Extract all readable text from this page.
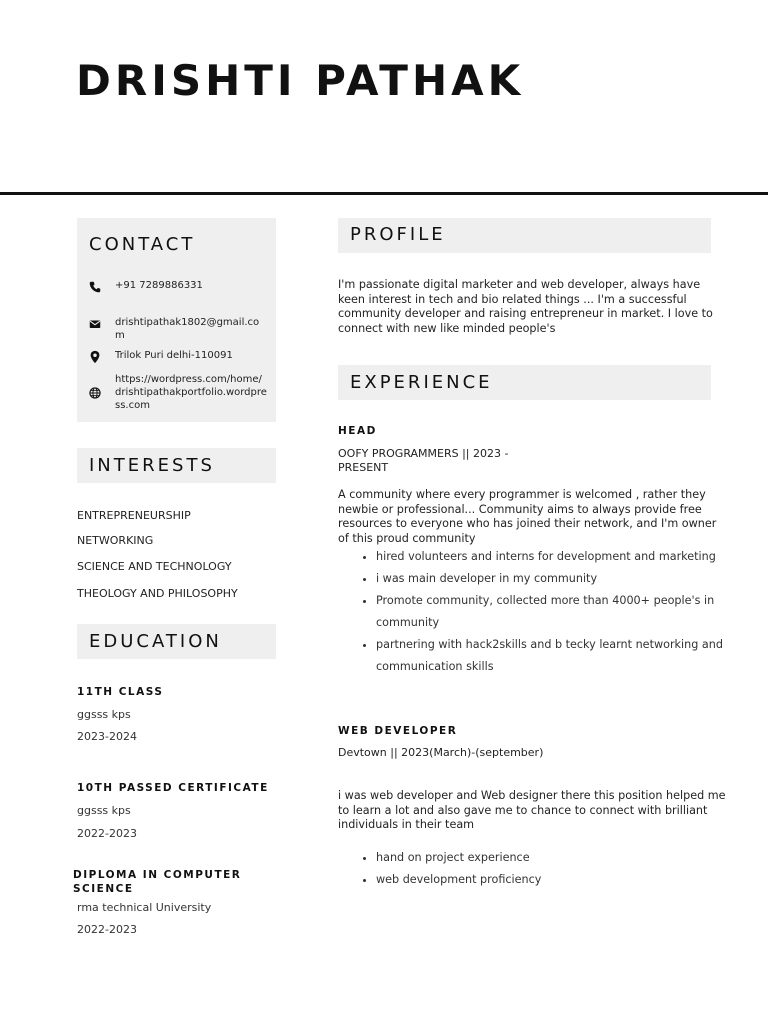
DRISHTI PATHAK
CONTACT
+91 7289886331
drishtipathak1802@gmail.com
Trilok Puri delhi-110091
https://wordpress.com/home/drishtipathakportfolio.wordpress.com
INTERESTS
ENTREPRENEURSHIP
NETWORKING
SCIENCE AND TECHNOLOGY
THEOLOGY AND PHILOSOPHY
EDUCATION
11TH CLASS
ggsss kps
2023-2024
10TH PASSED CERTIFICATE
ggsss kps
2022-2023
DIPLOMA IN COMPUTER SCIENCE
rma technical University
2022-2023
PROFILE

I'm passionate digital marketer and web developer, always have keen interest in tech and bio related things ... I'm a successful community developer and raising entrepreneur in market. I love to connect with new like minded people's

EXPERIENCE
HEAD
OOFY PROGRAMMERS || 2023 - PRESENT

A community where every programmer is welcomed , rather they newbie or professional... Community aims to always provide free resources to everyone who has joined their network, and I'm owner of this proud community

• hired volunteers and interns for development and marketing
• i was main developer in my community
• Promote community, collected more than 4000+ people's in community
• partnering with hack2skills and b tecky learnt networking and communication skills
WEB DEVELOPER
Devtown || 2023(March)-(september)

i was web developer and Web designer there this position helped me to learn a lot and also gave me to chance to connect with brilliant individuals in their team

• hand on project experience
• web development proficiency
